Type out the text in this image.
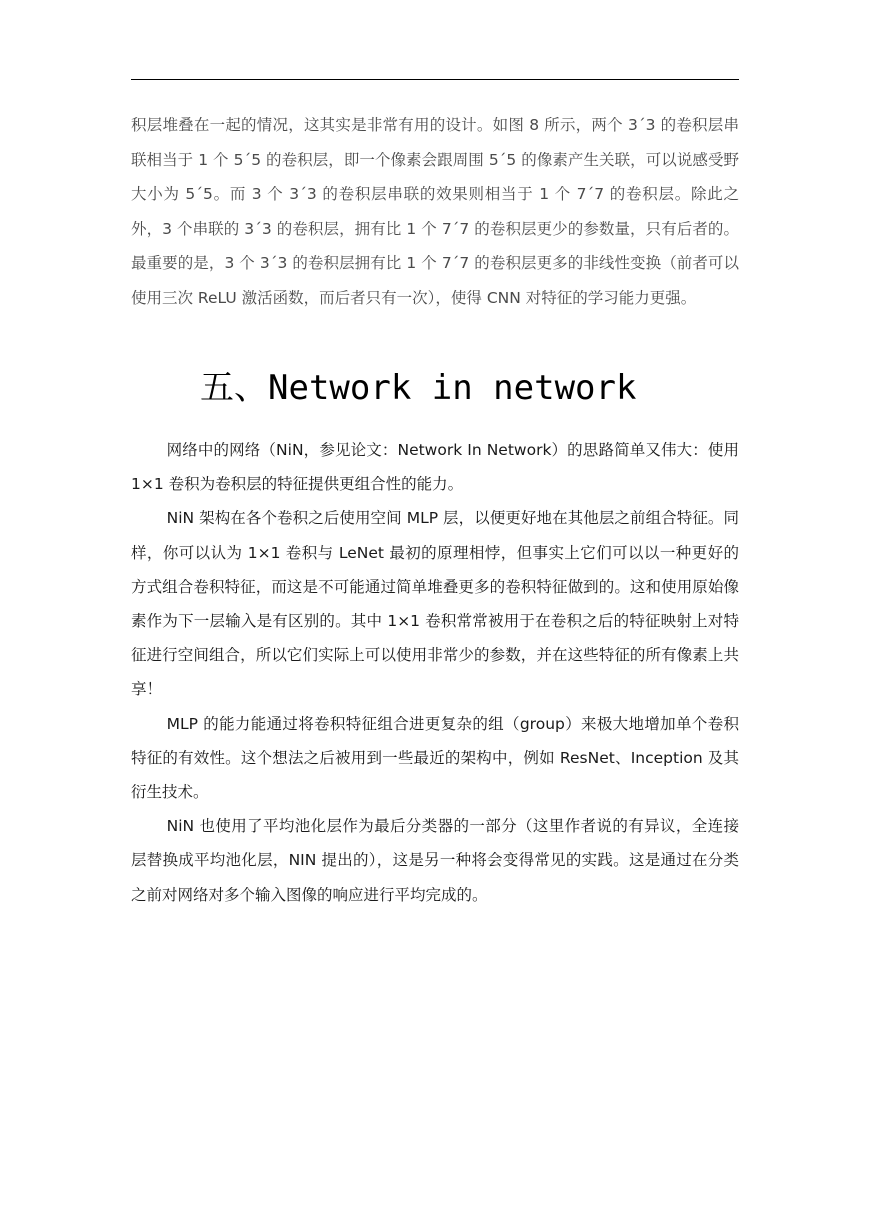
积层堆叠在一起的情况，这其实是非常有用的设计。如图 8 所示，两个 3´3 的卷积层串联相当于 1 个 5´5 的卷积层，即一个像素会跟周围 5´5 的像素产生关联，可以说感受野大小为 5´5。而 3 个 3´3 的卷积层串联的效果则相当于 1 个 7´7 的卷积层。除此之外，3 个串联的 3´3 的卷积层，拥有比 1 个 7´7 的卷积层更少的参数量，只有后者的。最重要的是，3 个 3´3 的卷积层拥有比 1 个 7´7 的卷积层更多的非线性变换（前者可以使用三次 ReLU 激活函数，而后者只有一次），使得 CNN 对特征的学习能力更强。
五、Network in network

网络中的网络（NiN，参见论文：Network In Network）的思路简单又伟大：使用 1×1 卷积为卷积层的特征提供更组合性的能力。

NiN 架构在各个卷积之后使用空间 MLP 层，以便更好地在其他层之前组合特征。同样，你可以认为 1×1 卷积与 LeNet 最初的原理相悖，但事实上它们可以以一种更好的方式组合卷积特征，而这是不可能通过简单堆叠更多的卷积特征做到的。这和使用原始像素作为下一层输入是有区别的。其中 1×1 卷积常常被用于在卷积之后的特征映射上对特征进行空间组合，所以它们实际上可以使用非常少的参数，并在这些特征的所有像素上共享！

MLP 的能力能通过将卷积特征组合进更复杂的组（group）来极大地增加单个卷积特征的有效性。这个想法之后被用到一些最近的架构中，例如 ResNet、Inception 及其衍生技术。

NiN 也使用了平均池化层作为最后分类器的一部分（这里作者说的有异议，全连接层替换成平均池化层，NIN 提出的），这是另一种将会变得常见的实践。这是通过在分类之前对网络对多个输入图像的响应进行平均完成的。
